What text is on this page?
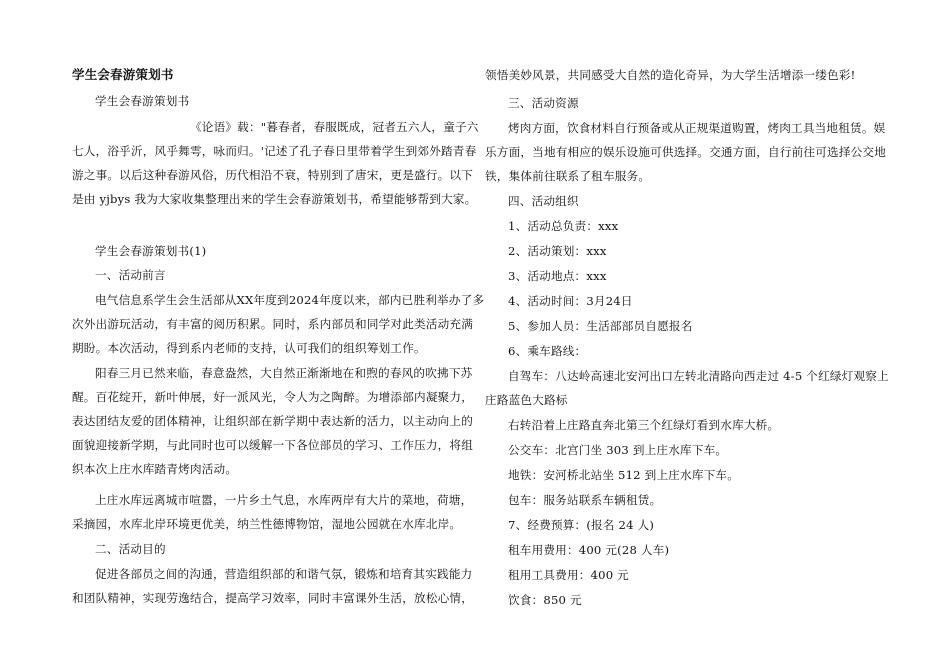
学生会春游策划书
学生会春游策划书
《论语》载："暮春者，春服既成，冠者五六人，童子六
七人，浴乎沂，风乎舞雩，咏而归。'记述了孔子春日里带着学生到郊外踏青春
游之事。以后这种春游风俗，历代相沿不衰，特别到了唐宋，更是盛行。以下
是由 yjbys 我为大家收集整理出来的学生会春游策划书，希望能够帮到大家。
学生会春游策划书(1)
一、活动前言
电气信息系学生会生活部从XX年度到2024年度以来，部内已胜利举办了多
次外出游玩活动，有丰富的阅历积累。同时，系内部员和同学对此类活动充满
期盼。本次活动，得到系内老师的支持，认可我们的组织筹划工作。
阳春三月已然来临，春意盎然，大自然正渐渐地在和煦的春风的吹拂下苏
醒。百花绽开，新叶伸展，好一派风光，令人为之陶醉。为增添部内凝聚力，
表达团结友爱的团体精神，让组织部在新学期中表达新的活力，以主动向上的
面貌迎接新学期，与此同时也可以缓解一下各位部员的学习、工作压力，将组
织本次上庄水库踏青烤肉活动。
上庄水库远离城市喧嚣，一片乡土气息，水库两岸有大片的菜地，荷塘，
采摘园，水库北岸环境更优美，纳兰性德博物馆，湿地公园就在水库北岸。
二、活动目的
促进各部员之间的沟通，营造组织部的和谐气氛，锻炼和培育其实践能力
和团队精神，实现劳逸结合，提高学习效率，同时丰富课外生活，放松心情，
领悟美妙风景，共同感受大自然的造化奇异，为大学生活增添一缕色彩!
三、活动资源
烤肉方面，饮食材料自行预备或从正规渠道购置，烤肉工具当地租赁。娱
乐方面，当地有相应的娱乐设施可供选择。交通方面，自行前往可选择公交地
铁，集体前往联系了租车服务。
四、活动组织
1、活动总负责：xxx
2、活动策划：xxx
3、活动地点：xxx
4、活动时间：3月24日
5、参加人员：生活部部员自愿报名
6、乘车路线：
自驾车：八达岭高速北安河出口左转北清路向西走过 4-5 个红绿灯观察上
庄路蓝色大路标
右转沿着上庄路直奔北第三个红绿灯看到水库大桥。
公交车：北宫门坐 303 到上庄水库下车。
地铁：安河桥北站坐 512 到上庄水库下车。
包车：服务站联系车辆租赁。
7、经费预算：(报名 24 人)
租车用费用：400 元(28 人车)
租用工具费用：400 元
饮食：850 元
